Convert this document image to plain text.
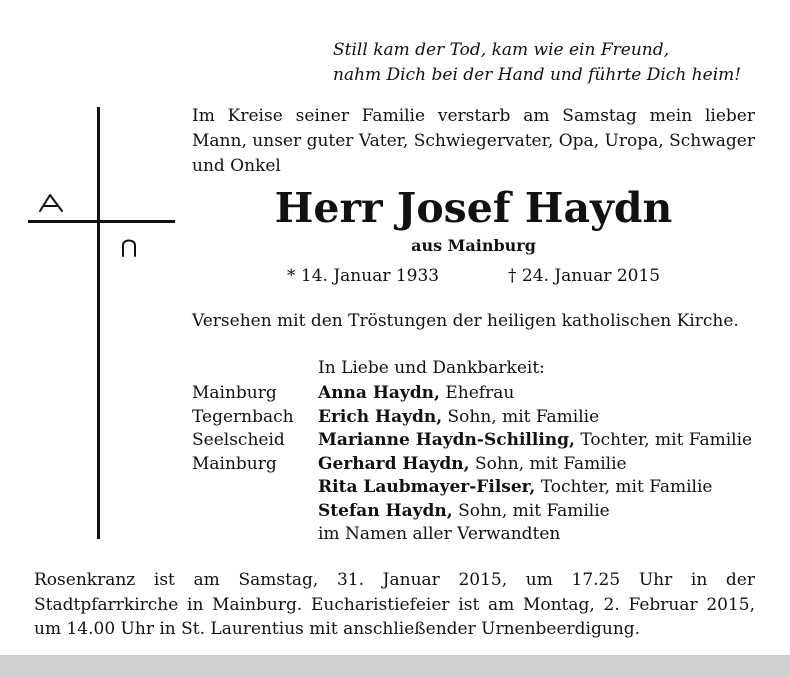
Still kam der Tod, kam wie ein Freund,
nahm Dich bei der Hand und führte Dich heim!
Im Kreise seiner Familie verstarb am Samstag mein lieber Mann, unser guter Vater, Schwiegervater, Opa, Uropa, Schwager und Onkel
Herr Josef Haydn
aus Mainburg
* 14. Januar 1933	† 24. Januar 2015
Versehen mit den Tröstungen der heiligen katholischen Kirche.
In Liebe und Dankbarkeit:
Mainburg	Anna Haydn, Ehefrau
Tegernbach	Erich Haydn, Sohn, mit Familie
Seelscheid	Marianne Haydn-Schilling, Tochter, mit Familie
Mainburg	Gerhard Haydn, Sohn, mit Familie
Rita Laubmayer-Filser, Tochter, mit Familie
Stefan Haydn, Sohn, mit Familie
im Namen aller Verwandten
Rosenkranz ist am Samstag, 31. Januar 2015, um 17.25 Uhr in der Stadtpfarrkirche in Mainburg. Eucharistiefeier ist am Montag, 2. Februar 2015, um 14.00 Uhr in St. Laurentius mit anschließender Urnenbeerdigung.
